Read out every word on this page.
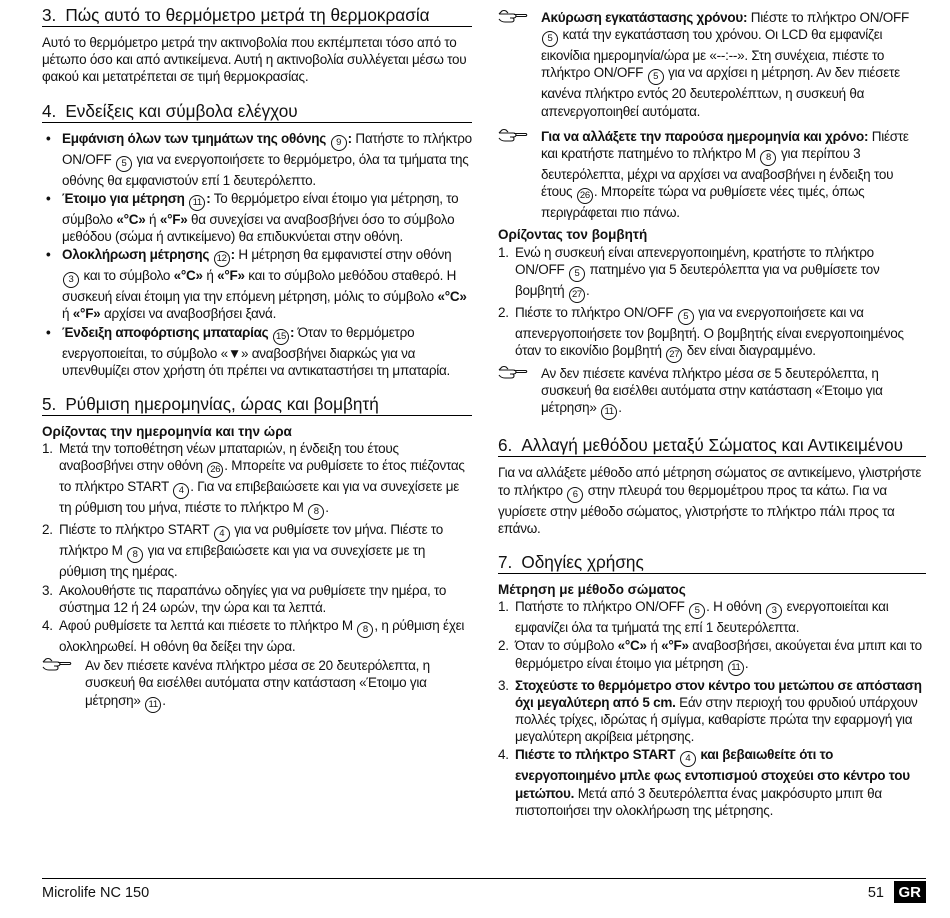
3. Πώς αυτό το θερμόμετρο μετρά τη θερμοκρασία

Αυτό το θερμόμετρο μετρά την ακτινοβολία που εκπέμπεται τόσο από το μέτωπο όσο και από αντικείμενα. Αυτή η ακτινοβολία συλλέγεται μέσω του φακού και μετατρέπεται σε τιμή θερμοκρασίας.

4. Ενδείξεις και σύμβολα ελέγχου
• Εμφάνιση όλων των τμημάτων της οθόνης 9 : Πατήστε το πλήκτρο ON/OFF 5 για να ενεργοποιήσετε το θερμόμετρο, όλα τα τμήματα της οθόνης θα εμφανιστούν επί 1 δευτερόλεπτο.
• Έτοιμο για μέτρηση 11 : Το θερμόμετρο είναι έτοιμο για μέτρηση, το σύμβολο «°C» ή «°F» θα συνεχίσει να αναβοσβήνει όσο το σύμβολο μεθόδου (σώμα ή αντικείμενο) θα επιδυκνύεται στην οθόνη.
• Ολοκλήρωση μέτρησης 12 : Η μέτρηση θα εμφανιστεί στην οθόνη 3 και το σύμβολο «°C» ή «°F» και το σύμβολο μεθόδου σταθερό. Η συσκευή είναι έτοιμη για την επόμενη μέτρηση, μόλις το σύμβολο «°C» ή «°F» αρχίσει να αναβοσβήσει ξανά.
• Ένδειξη αποφόρτισης μπαταρίας 15 : Όταν το θερμόμετρο ενεργοποιείται, το σύμβολο «▼» αναβοσβήνει διαρκώς για να υπενθυμίζει στον χρήστη ότι πρέπει να αντικαταστήσει τη μπαταρία.
5. Ρύθμιση ημερομηνίας, ώρας και βομβητή
Ορίζοντας την ημερομηνία και την ώρα
1. Μετά την τοποθέτηση νέων μπαταριών, η ένδειξη του έτους αναβοσβήνει στην οθόνη 26 . Μπορείτε να ρυθμίσετε το έτος πιέζοντας το πλήκτρο START 4 . Για να επιβεβαιώσετε και για να συνεχίσετε με τη ρύθμιση του μήνα, πιέστε το πλήκτρο M 8 .
2. Πιέστε το πλήκτρο START 4 για να ρυθμίσετε τον μήνα. Πιέστε το πλήκτρο M 8 για να επιβεβαιώσετε και για να συνεχίσετε με τη ρύθμιση της ημέρας.
3. Ακολουθήστε τις παραπάνω οδηγίες για να ρυθμίσετε την ημέρα, το σύστημα 12 ή 24 ωρών, την ώρα και τα λεπτά.
4. Αφού ρυθμίσετε τα λεπτά και πιέσετε το πλήκτρο M 8 , η ρύθμιση έχει ολοκληρωθεί. Η οθόνη θα δείξει την ώρα.
Αν δεν πιέσετε κανένα πλήκτρο μέσα σε 20 δευτερόλεπτα, η συσκευή θα εισέλθει αυτόματα στην κατάσταση «Έτοιμο για μέτρηση» 11 .
Ακύρωση εγκατάστασης χρόνου: Πιέστε το πλήκτρο ON/OFF 5 κατά την εγκατάσταση του χρόνου. Οι LCD θα εμφανίζει εικονίδια ημερομηνία/ώρα με «--:--». Στη συνέχεια, πιέστε το πλήκτρο ON/OFF 5 για να αρχίσει η μέτρηση. Αν δεν πιέσετε κανένα πλήκτρο εντός 20 δευτερολέπτων, η συσκευή θα απενεργοποιηθεί αυτόματα.
Για να αλλάξετε την παρούσα ημερομηνία και χρόνο: Πιέστε και κρατήστε πατημένο το πλήκτρο M 8 για περίπου 3 δευτερόλεπτα, μέχρι να αρχίσει να αναβοσβήνει η ένδειξη του έτους 26 . Μπορείτε τώρα να ρυθμίσετε νέες τιμές, όπως περιγράφεται πιο πάνω.
Ορίζοντας τον βομβητή
1. Ενώ η συσκευή είναι απενεργοποιημένη, κρατήστε το πλήκτρο ON/OFF 5 πατημένο για 5 δευτερόλεπτα για να ρυθμίσετε τον βομβητή 27 .
2. Πιέστε το πλήκτρο ON/OFF 5 για να ενεργοποιήσετε και να απενεργοποιήσετε τον βομβητή. Ο βομβητής είναι ενεργοποιημένος όταν το εικονίδιο βομβητή 27 δεν είναι διαγραμμένο.
Αν δεν πιέσετε κανένα πλήκτρο μέσα σε 5 δευτερόλεπτα, η συσκευή θα εισέλθει αυτόματα στην κατάσταση «Έτοιμο για μέτρηση» 11 .
6. Αλλαγή μεθόδου μεταξύ Σώματος και Αντικειμένου

Για να αλλάξετε μέθοδο από μέτρηση σώματος σε αντικείμενο, γλιστρήστε το πλήκτρο 6 στην πλευρά του θερμομέτρου προς τα κάτω. Για να γυρίσετε στην μέθοδο σώματος, γλιστρήστε το πλήκτρο πάλι προς τα επάνω.

7. Οδηγίες χρήσης
Μέτρηση με μέθοδο σώματος
1. Πατήστε το πλήκτρο ON/OFF 5 . Η οθόνη 3 ενεργοποιείται και εμφανίζει όλα τα τμήματά της επί 1 δευτερόλεπτα.
2. Όταν το σύμβολο «°C» ή «°F» αναβοσβήσει, ακούγεται ένα μπιπ και το θερμόμετρο είναι έτοιμο για μέτρηση 11 .
3. Στοχεύστε το θερμόμετρο στον κέντρο του μετώπου σε απόσταση όχι μεγαλύτερη από 5 cm. Εάν στην περιοχή του φρυδιού υπάρχουν πολλές τρίχες, ιδρώτας ή σμίγμα, καθαρίστε πρώτα την εφαρμογή για μεγαλύτερη ακρίβεια μέτρησης.
4. Πιέστε το πλήκτρο START 4 και βεβαιωθείτε ότι το ενεργοποιημένο μπλε φως εντοπισμού στοχεύει στο κέντρο του μετώπου. Μετά από 3 δευτερόλεπτα ένας μακρόσυρτο μπιπ θα πιστοποιήσει την ολοκλήρωση της μέτρησης.
Microlife NC 150	51 GR
